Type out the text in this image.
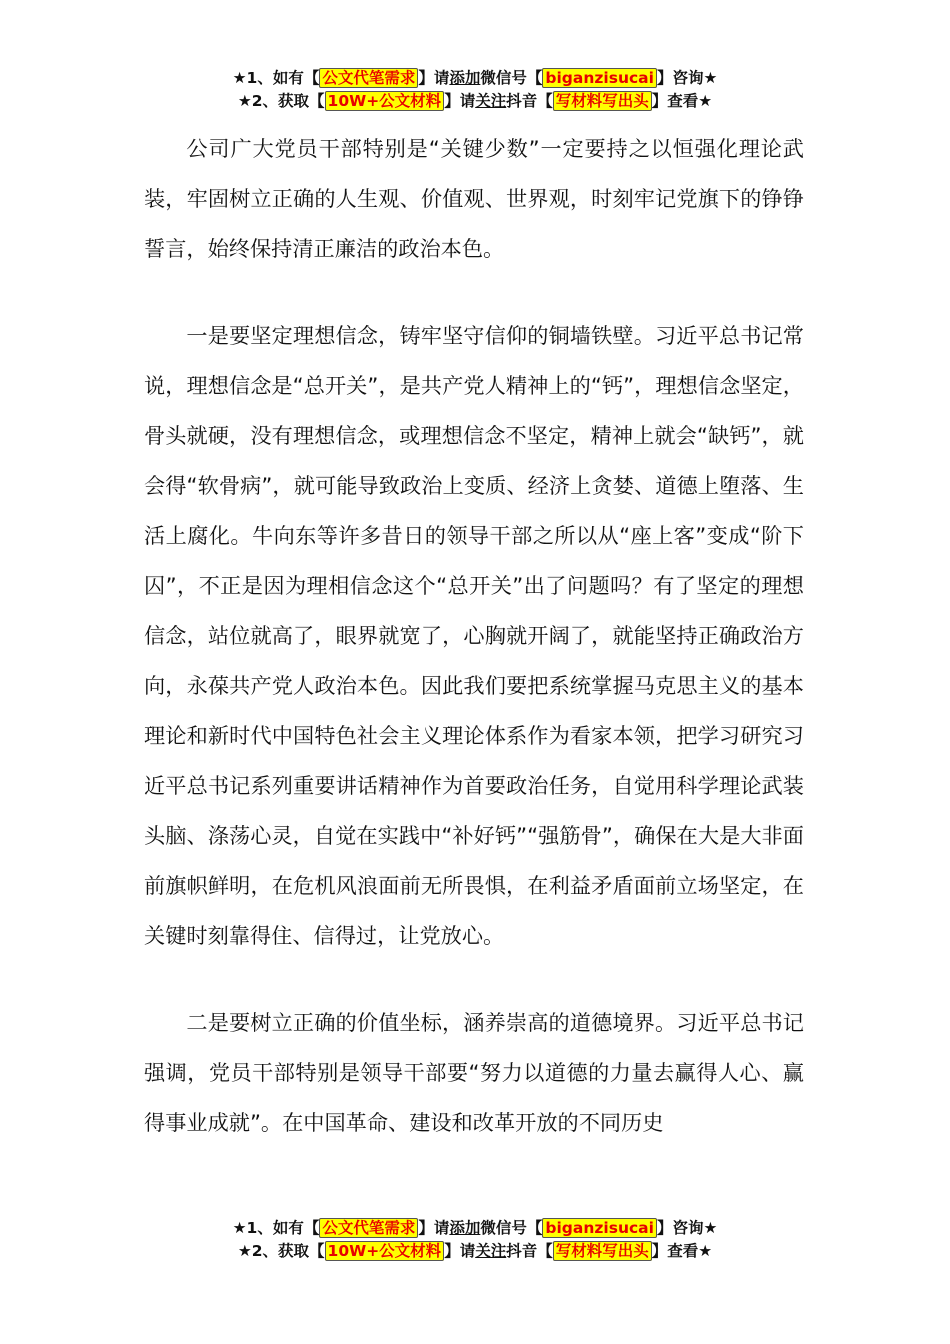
★1、如有【 公文代笔需求 】请添加微信号【 biganzisucai 】咨询★
★2、获取【 10W+公文材料 】请关注抖音【 写材料写出头 】查看★

公司广大党员干部特别是“关键少数”一定要持之以恒强化理论武装，牢固树立正确的人生观、价值观、世界观，时刻牢记党旗下的铮铮誓言，始终保持清正廉洁的政治本色。

一是要坚定理想信念，铸牢坚守信仰的铜墙铁壁。习近平总书记常说，理想信念是“总开关”，是共产党人精神上的“钙”，理想信念坚定，骨头就硬，没有理想信念，或理想信念不坚定，精神上就会“缺钙”，就会得“软骨病”，就可能导致政治上变质、经济上贪婪、道德上堕落、生活上腐化。牛向东等许多昔日的领导干部之所以从“座上客”变成“阶下囚”，不正是因为理相信念这个“总开关”出了问题吗？有了坚定的理想信念，站位就高了，眼界就宽了，心胸就开阔了，就能坚持正确政治方向，永葆共产党人政治本色。因此我们要把系统掌握马克思主义的基本理论和新时代中国特色社会主义理论体系作为看家本领，把学习研究习近平总书记系列重要讲话精神作为首要政治任务，自觉用科学理论武装头脑、涤荡心灵，自觉在实践中“补好钙”“强筋骨”，确保在大是大非面前旗帜鲜明，在危机风浪面前无所畏惧，在利益矛盾面前立场坚定，在关键时刻靠得住、信得过，让党放心。

二是要树立正确的价值坐标，涵养崇高的道德境界。习近平总书记强调，党员干部特别是领导干部要“努力以道德的力量去赢得人心、赢得事业成就”。在中国革命、建设和改革开放的不同历史

★1、如有【 公文代笔需求 】请添加微信号【 biganzisucai 】咨询★
★2、获取【 10W+公文材料 】请关注抖音【 写材料写出头 】查看★
